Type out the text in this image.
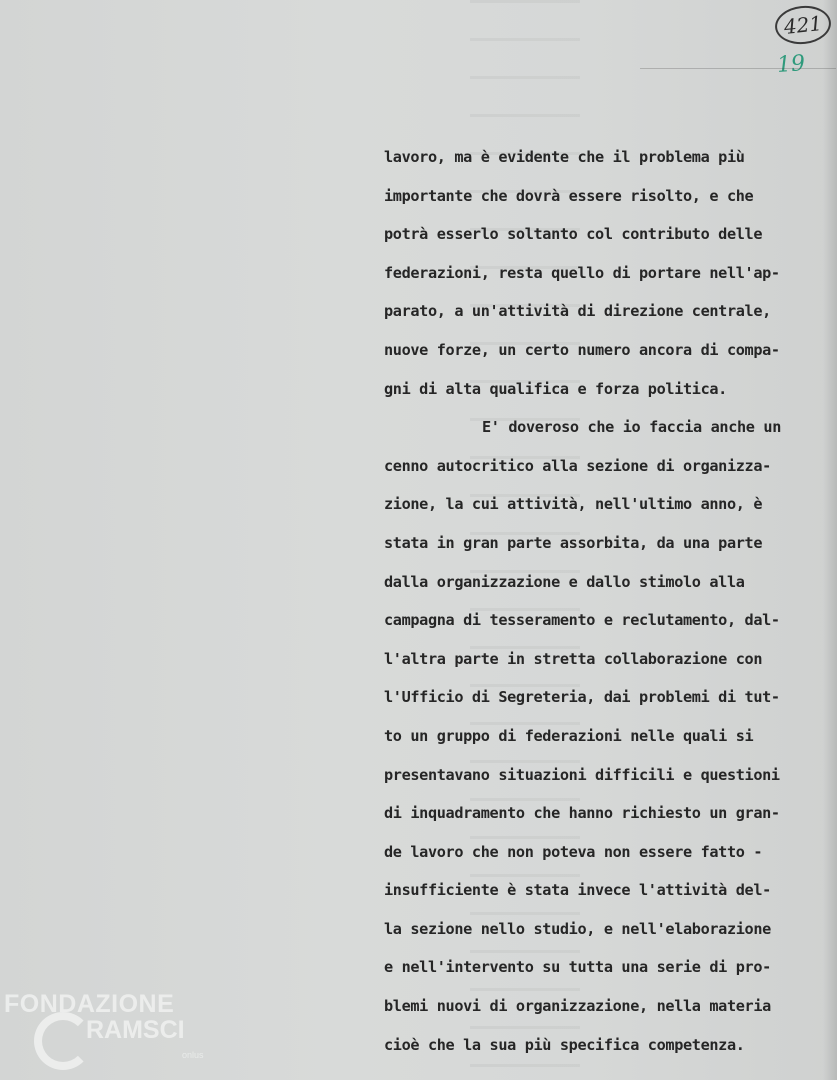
421
19
lavoro, ma è evidente che il problema più
importante che dovrà essere risolto, e che
potrà esserlo soltanto col contributo delle
federazioni, resta quello di portare nell'ap-
parato, a un'attività di direzione centrale,
nuove forze, un certo numero ancora di compa-
gni di alta qualifica e forza politica.
E' doveroso che io faccia anche un
cenno autocritico alla sezione di organizza-
zione, la cui attività, nell'ultimo anno, è
stata in gran parte assorbita, da una parte
dalla organizzazione e dallo stimolo alla
campagna di tesseramento e reclutamento, dal-
l'altra parte in stretta collaborazione con
l'Ufficio di Segreteria, dai problemi di tut-
to un gruppo di federazioni nelle quali si
presentavano situazioni difficili e questioni
di inquadramento che hanno richiesto un gran-
de lavoro che non poteva non essere fatto -
insufficiente è stata invece l'attività del-
la sezione nello studio, e nell'elaborazione
e nell'intervento su tutta una serie di pro-
blemi nuovi di organizzazione, nella materia
cioè che la sua più specifica competenza.
FONDAZIONE
RAMSCI
onlus
